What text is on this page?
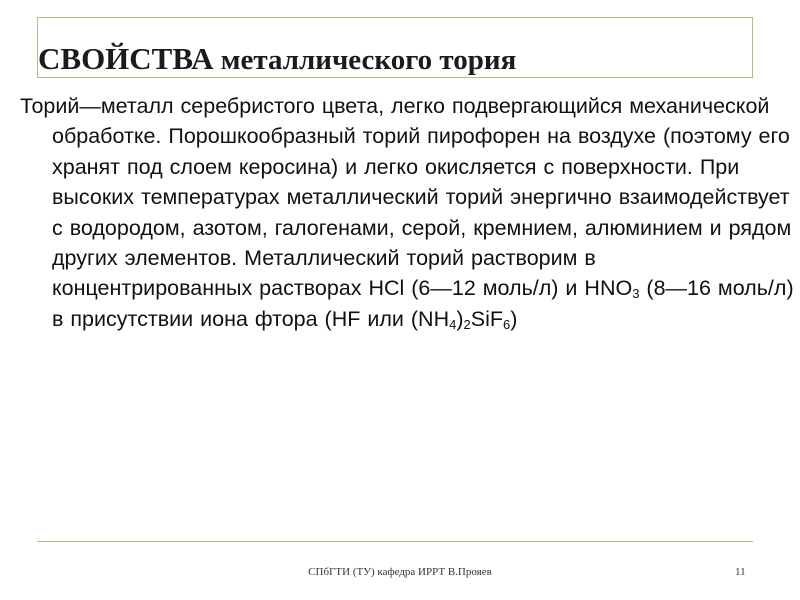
СВОЙСТВА металлического тория

Торий—металл серебристого цвета, легко подвергающийся механической обработке. Порошкообразный торий пирофорен на воздухе (поэтому его хранят под слоем керосина) и легко окисляется с поверхности. При высоких температурах металлический торий энергично взаимодействует с водородом, азотом, галогенами, серой, кремнием, алюминием и рядом других элементов. Металлический торий растворим в концентрированных растворах HCl (6—12 моль/л) и $HNO_3$ (8—16 моль/л) в присутствии иона фтора (HF или $(NH_4)_2SiF_6$)

СПбГТИ (ТУ) кафедра ИРРТ В.Прояев	11
